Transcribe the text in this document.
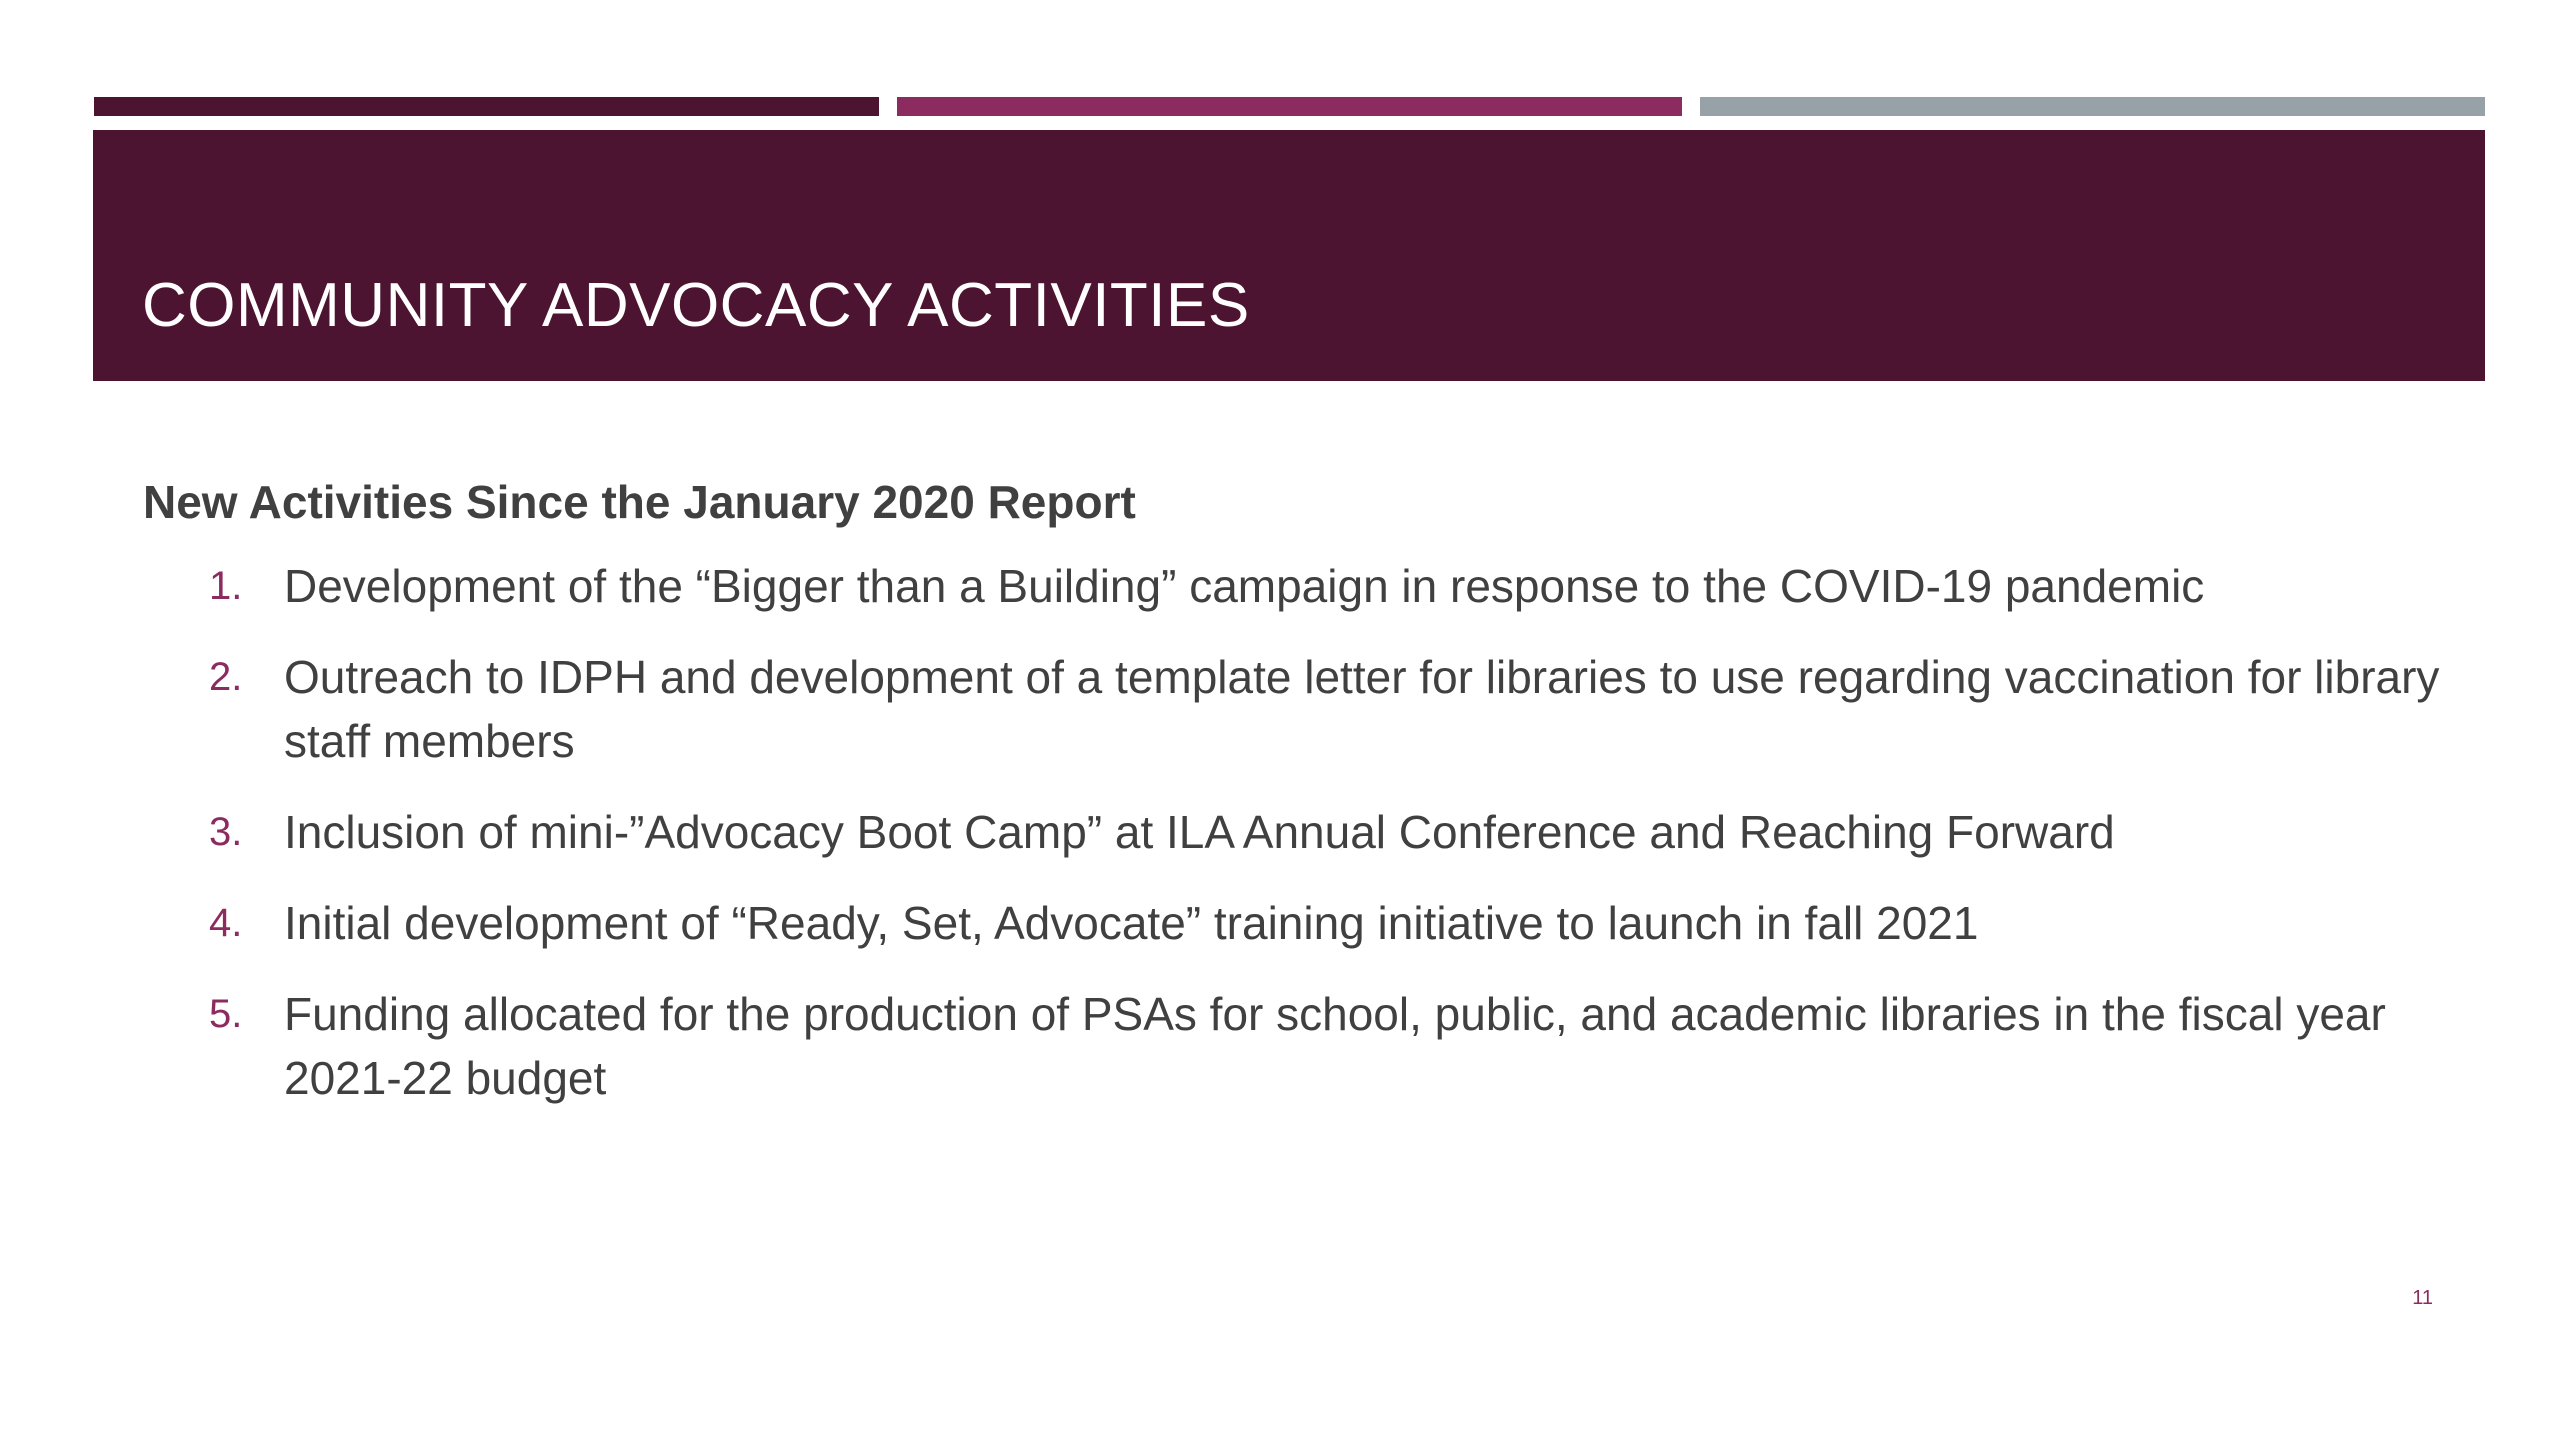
COMMUNITY ADVOCACY ACTIVITIES
New Activities Since the January 2020 Report
1. Development of the “Bigger than a Building” campaign in response to the COVID-19 pandemic
2. Outreach to IDPH and development of a template letter for libraries to use regarding vaccination for library staff members
3. Inclusion of mini-”Advocacy Boot Camp” at ILA Annual Conference and Reaching Forward
4. Initial development of “Ready, Set, Advocate” training initiative to launch in fall 2021
5. Funding allocated for the production of PSAs for school, public, and academic libraries in the fiscal year 2021-22 budget
11
